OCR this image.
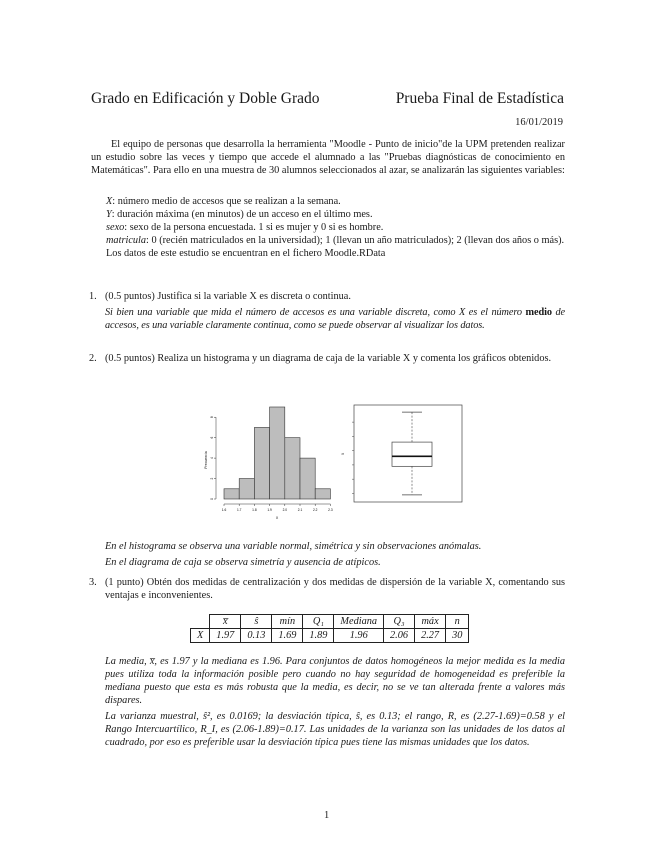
Grado en Edificación y Doble Grado	Prueba Final de Estadística
16/01/2019
El equipo de personas que desarrolla la herramienta "Moodle - Punto de inicio"de la UPM pretenden realizar un estudio sobre las veces y tiempo que accede el alumnado a las "Pruebas diagnósticas de conocimiento en Matemáticas". Para ello en una muestra de 30 alumnos seleccionados al azar, se analizarán las siguientes variables:
X: número medio de accesos que se realizan a la semana.
Y: duración máxima (en minutos) de un acceso en el último mes.
sexo: sexo de la persona encuestada. 1 si es mujer y 0 si es hombre.
matricula: 0 (recién matriculados en la universidad); 1 (llevan un año matriculados); 2 (llevan dos años o más).
Los datos de este estudio se encuentran en el fichero Moodle.RData
1. (0.5 puntos) Justifica si la variable X es discreta o continua.
Si bien una variable que mida el número de accesos es una variable discreta, como X es el número medio de accesos, es una variable claramente continua, como se puede observar al visualizar los datos.
2. (0.5 puntos) Realiza un histograma y un diagrama de caja de la variable X y comenta los gráficos obtenidos.
0
2
4
6
8
1.6	1.7	1.8	1.9	2.0	2.1	2.2	2.3
Frecuencia
X
X
En el histograma se observa una variable normal, simétrica y sin observaciones anómalas.
En el diagrama de caja se observa simetría y ausencia de atípicos.
3. (1 punto) Obtén dos medidas de centralización y dos medidas de dispersión de la variable X, comentando sus ventajas e inconvenientes.
	x̅	ŝ	mín	Q₁	Mediana	Q₃	máx	n
X	1.97	0.13	1.69	1.89	1.96	2.06	2.27	30
La media, x̅, es 1.97 y la mediana es 1.96. Para conjuntos de datos homogéneos la mejor medida es la media pues utiliza toda la información posible pero cuando no hay seguridad de homogeneidad es preferible la mediana puesto que esta es más robusta que la media, es decir, no se ve tan alterada frente a valores más dispares.
La varianza muestral, ŝ², es 0.0169; la desviación típica, ŝ, es 0.13; el rango, R, es (2.27-1.69)=0.58 y el Rango Intercuartílico, R_I, es (2.06-1.89)=0.17. Las unidades de la varianza son las unidades de los datos al cuadrado, por eso es preferible usar la desviación típica pues tiene las mismas unidades que los datos.
1
